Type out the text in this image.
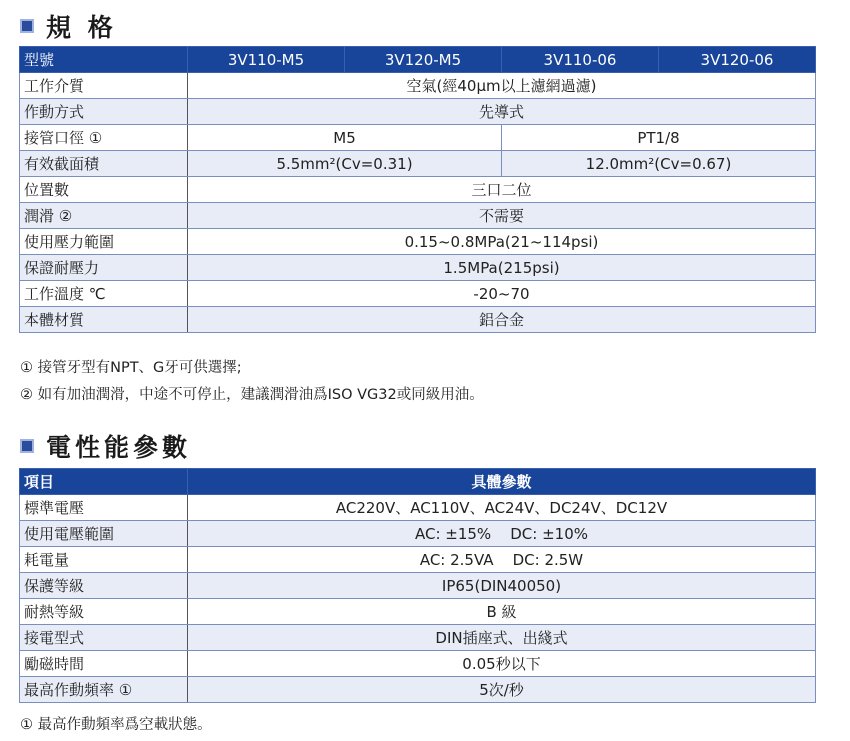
規 格
型號	3V110-M5	3V120-M5	3V110-06	3V120-06
工作介質	空氣(經40μm以上濾網過濾)			
作動方式	先導式			
接管口徑 ①	M5		PT1/8	
有效截面積	5.5mm²(Cv=0.31)		12.0mm²(Cv=0.67)	
位置數	三口二位			
潤滑 ②	不需要			
使用壓力範圍	0.15~0.8MPa(21~114psi)			
保證耐壓力	1.5MPa(215psi)			
工作溫度 ℃	-20~70			
本體材質	鋁合金			
① 接管牙型有NPT、G牙可供選擇;
② 如有加油潤滑，中途不可停止，建議潤滑油爲ISO VG32或同級用油。
電性能參數
項目	具體參數
標準電壓	AC220V、AC110V、AC24V、DC24V、DC12V
使用電壓範圍	AC: ±15%    DC: ±10%
耗電量	AC: 2.5VA    DC: 2.5W
保護等級	IP65(DIN40050)
耐熱等級	B 級
接電型式	DIN插座式、出綫式
勵磁時間	0.05秒以下
最高作動頻率 ①	5次/秒
① 最高作動頻率爲空載狀態。
